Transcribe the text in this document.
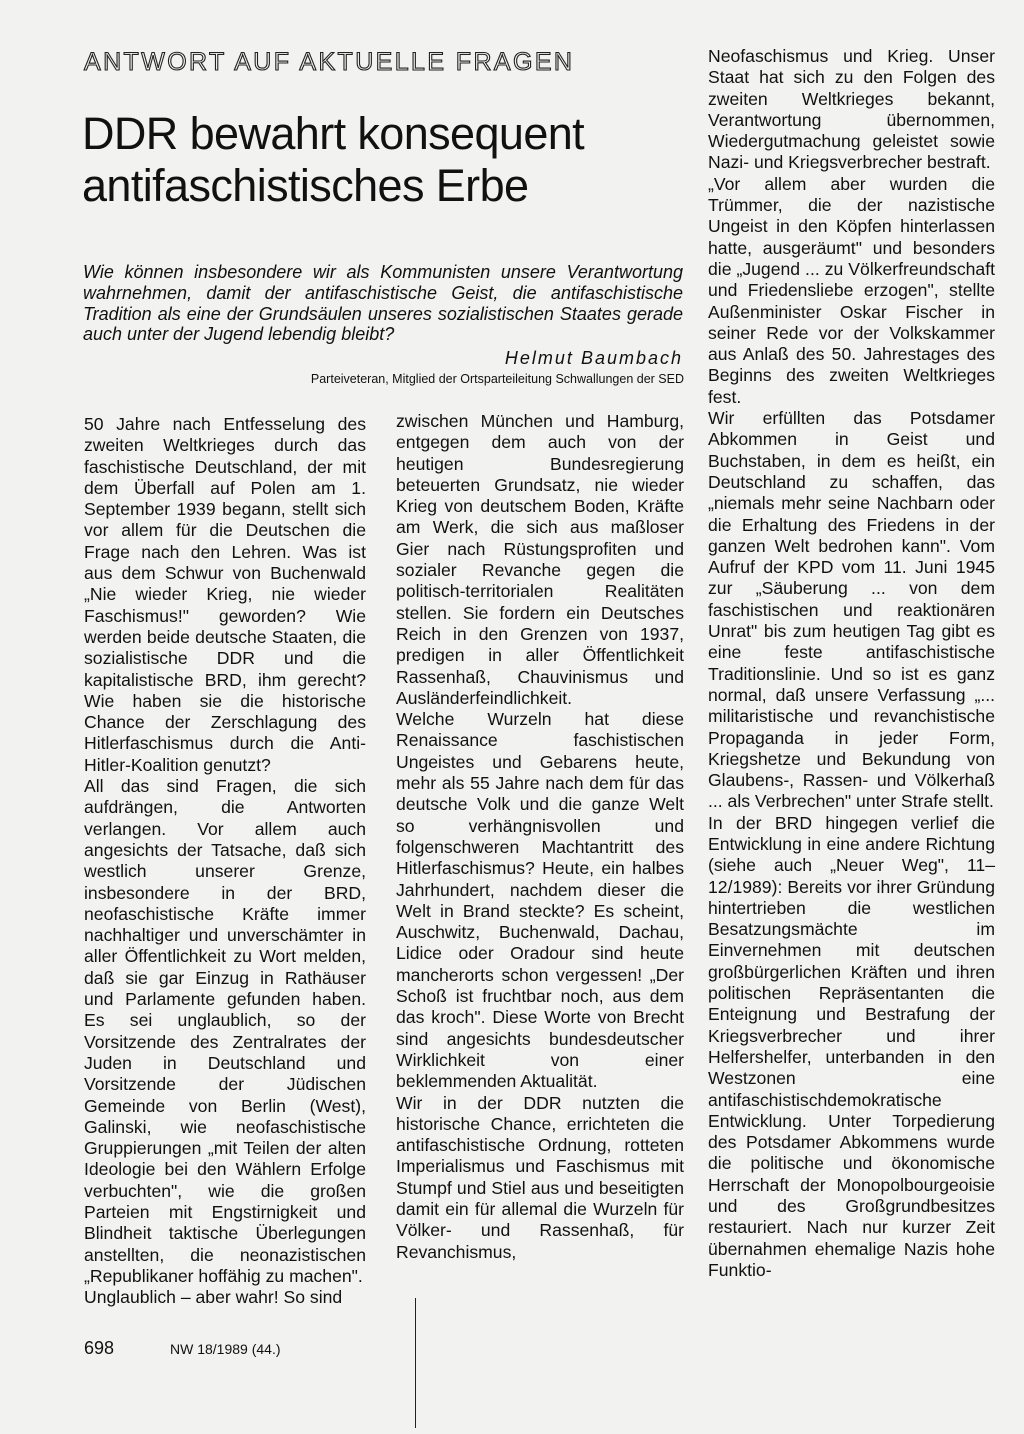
ANTWORT AUF AKTUELLE FRAGEN
DDR bewahrt konsequent
antifaschistisches Erbe

Wie können insbesondere wir als Kommunisten unsere Verantwortung wahrnehmen, damit der antifaschistische Geist, die antifaschistische Tradition als eine der Grundsäulen unseres sozialistischen Staates gerade auch unter der Jugend lebendig bleibt?

Helmut Baumbach
Parteiveteran, Mitglied der Ortsparteileitung Schwallungen der SED

50 Jahre nach Entfesselung des zweiten Weltkrieges durch das faschistische Deutschland, der mit dem Überfall auf Polen am 1. September 1939 begann, stellt sich vor allem für die Deutschen die Frage nach den Lehren. Was ist aus dem Schwur von Buchenwald „Nie wieder Krieg, nie wieder Faschismus!" geworden? Wie werden beide deutsche Staaten, die sozialistische DDR und die kapitalistische BRD, ihm gerecht? Wie haben sie die historische Chance der Zerschlagung des Hitlerfaschismus durch die Anti-Hitler-Koalition genutzt?

All das sind Fragen, die sich aufdrängen, die Antworten verlangen. Vor allem auch angesichts der Tatsache, daß sich westlich unserer Grenze, insbesondere in der BRD, neofaschistische Kräfte immer nachhaltiger und unverschämter in aller Öffentlichkeit zu Wort melden, daß sie gar Einzug in Rathäuser und Parlamente gefunden haben. Es sei unglaublich, so der Vorsitzende des Zentralrates der Juden in Deutschland und Vorsitzende der Jüdischen Gemeinde von Berlin (West), Galinski, wie neofaschistische Gruppierungen „mit Teilen der alten Ideologie bei den Wählern Erfolge verbuchten", wie die großen Parteien mit Engstirnigkeit und Blindheit taktische Überlegungen anstellten, die neonazistischen „Republikaner hoffähig zu machen".

Unglaublich – aber wahr! So sind

zwischen München und Hamburg, entgegen dem auch von der heutigen Bundesregierung beteuerten Grundsatz, nie wieder Krieg von deutschem Boden, Kräfte am Werk, die sich aus maßloser Gier nach Rüstungsprofiten und sozialer Revanche gegen die politisch-territorialen Realitäten stellen. Sie fordern ein Deutsches Reich in den Grenzen von 1937, predigen in aller Öffentlichkeit Rassenhaß, Chauvinismus und Ausländerfeindlichkeit.

Welche Wurzeln hat diese Renaissance faschistischen Ungeistes und Gebarens heute, mehr als 55 Jahre nach dem für das deutsche Volk und die ganze Welt so verhängnisvollen und folgenschweren Machtantritt des Hitlerfaschismus? Heute, ein halbes Jahrhundert, nachdem dieser die Welt in Brand steckte? Es scheint, Auschwitz, Buchenwald, Dachau, Lidice oder Oradour sind heute mancherorts schon vergessen! „Der Schoß ist fruchtbar noch, aus dem das kroch". Diese Worte von Brecht sind angesichts bundesdeutscher Wirklichkeit von einer beklemmenden Aktualität.

Wir in der DDR nutzten die historische Chance, errichteten die antifaschistische Ordnung, rotteten Imperialismus und Faschismus mit Stumpf und Stiel aus und beseitigten damit ein für allemal die Wurzeln für Völker- und Rassenhaß, für Revanchismus,

Neofaschismus und Krieg. Unser Staat hat sich zu den Folgen des zweiten Weltkrieges bekannt, Verantwortung übernommen, Wiedergutmachung geleistet sowie Nazi- und Kriegsverbrecher bestraft.

„Vor allem aber wurden die Trümmer, die der nazistische Ungeist in den Köpfen hinterlassen hatte, ausgeräumt" und besonders die „Jugend ... zu Völkerfreundschaft und Friedensliebe erzogen", stellte Außenminister Oskar Fischer in seiner Rede vor der Volkskammer aus Anlaß des 50. Jahrestages des Beginns des zweiten Weltkrieges fest.

Wir erfüllten das Potsdamer Abkommen in Geist und Buchstaben, in dem es heißt, ein Deutschland zu schaffen, das „niemals mehr seine Nachbarn oder die Erhaltung des Friedens in der ganzen Welt bedrohen kann". Vom Aufruf der KPD vom 11. Juni 1945 zur „Säuberung ... von dem faschistischen und reaktionären Unrat" bis zum heutigen Tag gibt es eine feste antifaschistische Traditionslinie. Und so ist es ganz normal, daß unsere Verfassung „... militaristische und revanchistische Propaganda in jeder Form, Kriegshetze und Bekundung von Glaubens-, Rassen- und Völkerhaß ... als Verbrechen" unter Strafe stellt.

In der BRD hingegen verlief die Entwicklung in eine andere Richtung (siehe auch „Neuer Weg", 11–12/1989): Bereits vor ihrer Gründung hintertrieben die westlichen Besatzungsmächte im Einvernehmen mit deutschen großbürgerlichen Kräften und ihren politischen Repräsentanten die Enteignung und Bestrafung der Kriegsverbrecher und ihrer Helfershelfer, unterbanden in den Westzonen eine antifaschistischdemokratische Entwicklung. Unter Torpedierung des Potsdamer Abkommens wurde die politische und ökonomische Herrschaft der Monopolbourgeoisie und des Großgrundbesitzes restauriert. Nach nur kurzer Zeit übernahmen ehemalige Nazis hohe Funktio-

698	NW 18/1989 (44.)
